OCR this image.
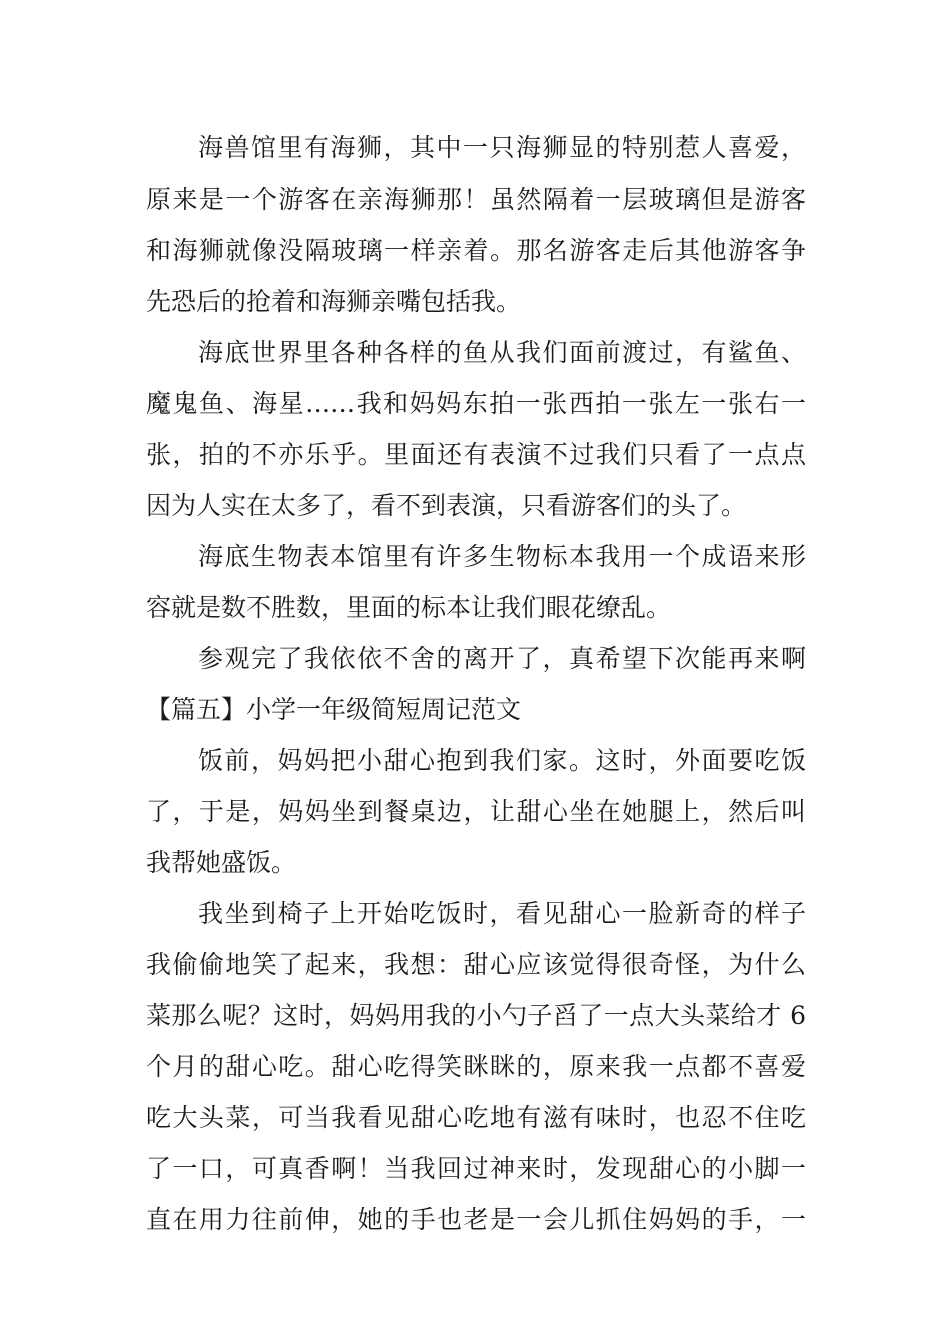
海兽馆里有海狮，其中一只海狮显的特别惹人喜爱，
原来是一个游客在亲海狮那！虽然隔着一层玻璃但是游客
和海狮就像没隔玻璃一样亲着。那名游客走后其他游客争
先恐后的抢着和海狮亲嘴包括我。
海底世界里各种各样的鱼从我们面前渡过，有鲨鱼、
魔鬼鱼、海星……我和妈妈东拍一张西拍一张左一张右一
张，拍的不亦乐乎。里面还有表演不过我们只看了一点点
因为人实在太多了，看不到表演，只看游客们的头了。
海底生物表本馆里有许多生物标本我用一个成语来形
容就是数不胜数，里面的标本让我们眼花缭乱。
参观完了我依依不舍的离开了，真希望下次能再来啊
【篇五】小学一年级简短周记范文
饭前，妈妈把小甜心抱到我们家。这时，外面要吃饭
了，于是，妈妈坐到餐桌边，让甜心坐在她腿上，然后叫
我帮她盛饭。
我坐到椅子上开始吃饭时，看见甜心一脸新奇的样子
我偷偷地笑了起来，我想：甜心应该觉得很奇怪，为什么
菜那么呢？这时，妈妈用我的小勺子舀了一点大头菜给才 6
个月的甜心吃。甜心吃得笑眯眯的，原来我一点都不喜爱
吃大头菜，可当我看见甜心吃地有滋有味时，也忍不住吃
了一口，可真香啊！当我回过神来时，发现甜心的小脚一
直在用力往前伸，她的手也老是一会儿抓住妈妈的手，一
